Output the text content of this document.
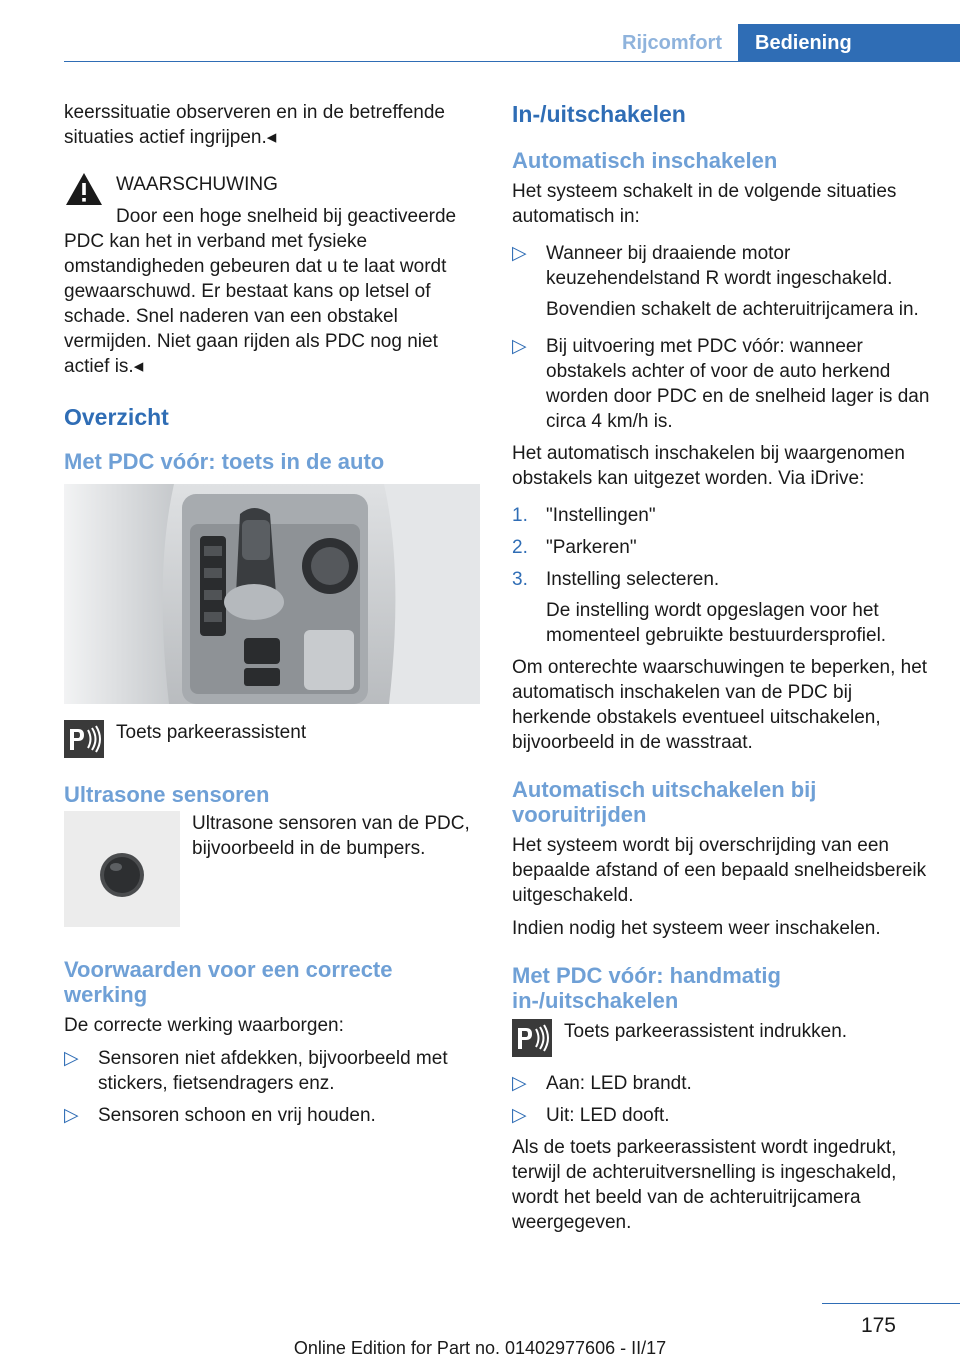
Rijcomfort	Bediening

keerssituatie observeren en in de betreffende situaties actief ingrijpen.◂

WAARSCHUWING

Door een hoge snelheid bij geactiveerde PDC kan het in verband met fysieke omstandigheden gebeuren dat u te laat wordt gewaarschuwd. Er bestaat kans op letsel of schade. Snel naderen van een obstakel vermijden. Niet gaan rijden als PDC nog niet actief is.◂

Overzicht
Met PDC vóór: toets in de auto

Toets parkeerassistent

Ultrasone sensoren

Ultrasone sensoren van de PDC, bijvoorbeeld in de bumpers.

Voorwaarden voor een correcte werking

De correcte werking waarborgen:

▷ Sensoren niet afdekken, bijvoorbeeld met stickers, fietsendragers enz.
▷ Sensoren schoon en vrij houden.
In-/uitschakelen
Automatisch inschakelen

Het systeem schakelt in de volgende situaties automatisch in:

▷ Wanneer bij draaiende motor keuzehendelstand R wordt ingeschakeld.
Bovendien schakelt de achteruitrijcamera in.
▷ Bij uitvoering met PDC vóór: wanneer obstakels achter of voor de auto herkend worden door PDC en de snelheid lager is dan circa 4 km/h is.

Het automatisch inschakelen bij waargenomen obstakels kan uitgezet worden. Via iDrive:

1. "Instellingen"
2. "Parkeren"
3. Instelling selecteren.
De instelling wordt opgeslagen voor het momenteel gebruikte bestuurdersprofiel.

Om onterechte waarschuwingen te beperken, het automatisch inschakelen van de PDC bij herkende obstakels eventueel uitschakelen, bijvoorbeeld in de wasstraat.

Automatisch uitschakelen bij vooruitrijden

Het systeem wordt bij overschrijding van een bepaalde afstand of een bepaald snelheidsbereik uitgeschakeld.

Indien nodig het systeem weer inschakelen.

Met PDC vóór: handmatig in-/uitschakelen

Toets parkeerassistent indrukken.

▷ Aan: LED brandt.
▷ Uit: LED dooft.

Als de toets parkeerassistent wordt ingedrukt, terwijl de achteruitversnelling is ingeschakeld, wordt het beeld van de achteruitrijcamera weergegeven.

175
Online Edition for Part no. 01402977606 - II/17
